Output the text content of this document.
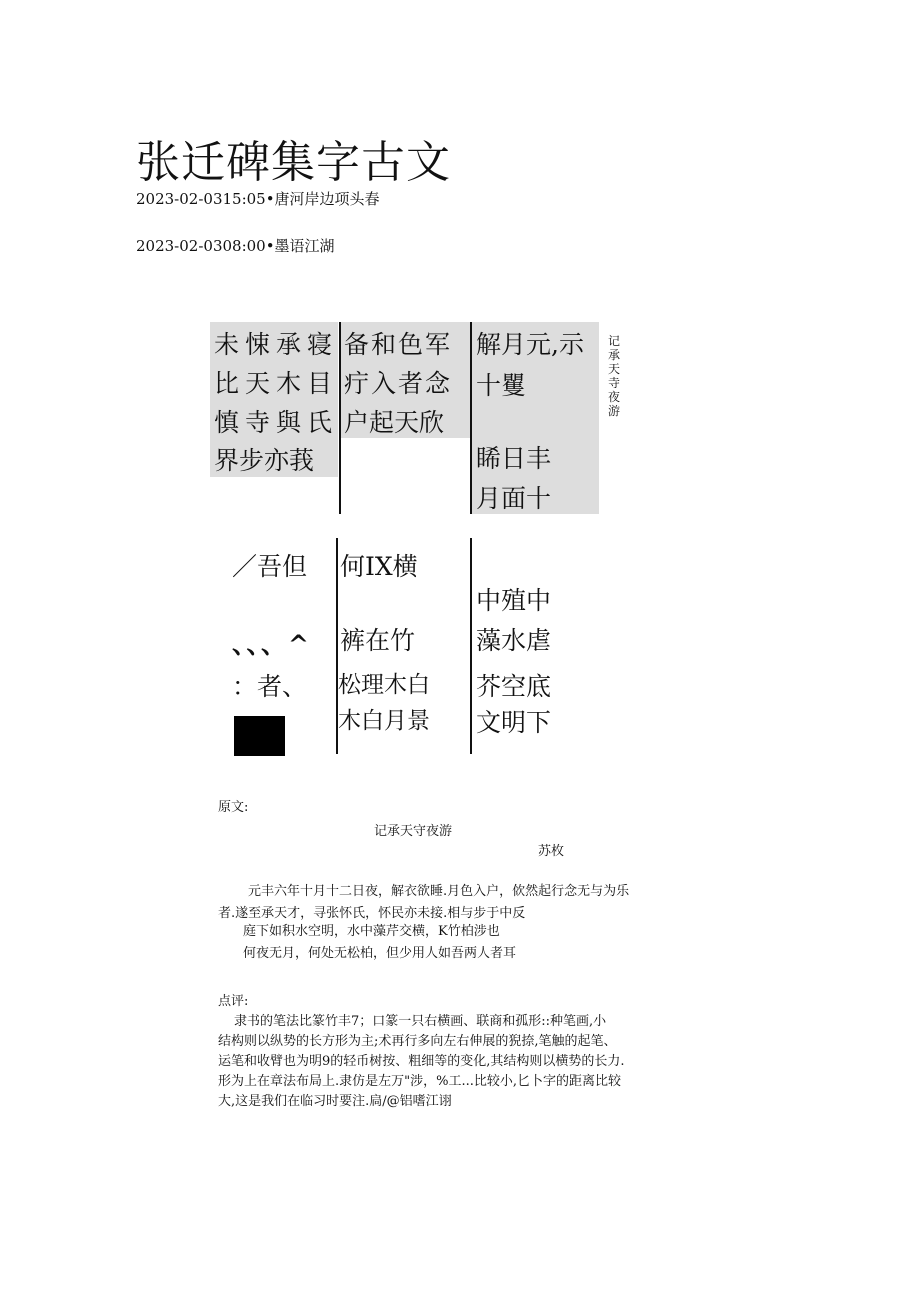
张迁碑集字古文
2023-02-0315:05•唐河岸边项头春
2023-02-0308:00•墨语江湖
未悚承寝
比天木目
慎寺與氏
界步亦莪
备和色军
疔入者念
户起天欣
解月元,示
十矍
睎日丰
月面十
记承天寺夜游
／吾但
、、、^
：者、
何IX横
裤在竹
松理木白
木白月景
中殖中
藻水虐
芥空底
文明下
原文:
记承天守夜游
苏枚
元丰六年十月十二日夜，解衣欲睡.月色入户，佽然起行念无与为乐
者.遂至承天才，寻张怀氏，怀民亦未接.相与步于中反
庭下如积水空明，水中藻芹交横，K竹柏涉也
何夜无月，何处无松柏，但少用人如吾两人者耳
点评:
隶书的笔法比篆竹丰7；口篆一只右横画、联商和孤形::种笔画,小
结构则以纵势的长方形为主;术再行多向左右伸展的猊捺,笔触的起笔、
运笔和收臂也为明9的轻币树按、粗细等的变化,其结构则以横势的长力.
形为上在章法布局上.隶仿是左万"涉，%工...比较小,匕卜字的距离比较
大,这是我们在临习时要注.扃/@铝嗜江诩
